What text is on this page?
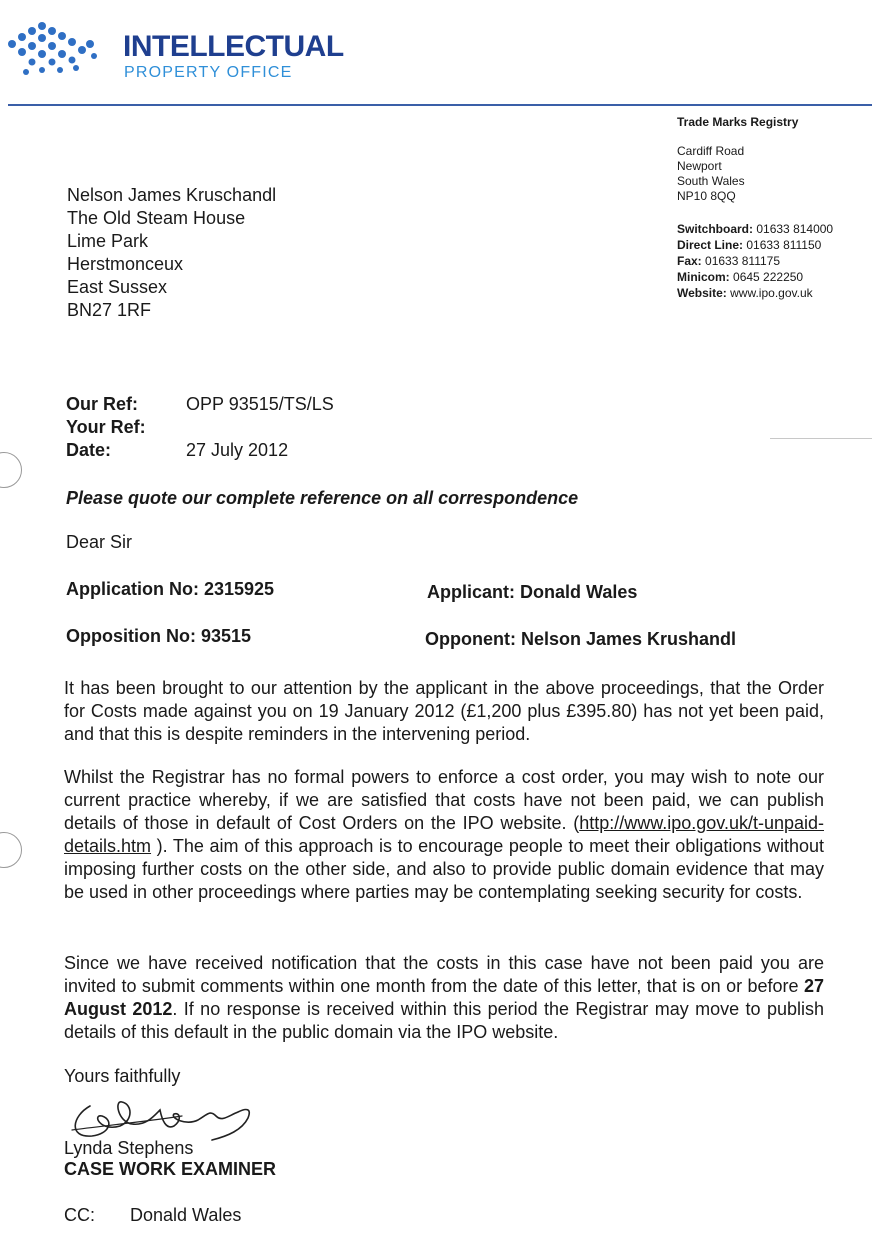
INTELLECTUAL
PROPERTY OFFICE
Trade Marks Registry
Cardiff Road
Newport
South Wales
NP10 8QQ
Switchboard: 01633 814000
Direct Line: 01633 811150
Fax: 01633 811175
Minicom: 0645 222250
Website: www.ipo.gov.uk
Nelson James Kruschandl
The Old Steam House
Lime Park
Herstmonceux
East Sussex
BN27 1RF
Our Ref:	OPP 93515/TS/LS
Your Ref:
Date:	27 July 2012
Please quote our complete reference on all correspondence
Dear Sir
Application No: 2315925	Applicant: Donald Wales
Opposition No: 93515	Opponent: Nelson James Krushandl
It has been brought to our attention by the applicant in the above proceedings, that the Order for Costs made against you on 19 January 2012 (£1,200 plus £395.80) has not yet been paid, and that this is despite reminders in the intervening period.
Whilst the Registrar has no formal powers to enforce a cost order, you may wish to note our current practice whereby, if we are satisfied that costs have not been paid, we can publish details of those in default of Cost Orders on the IPO website. (http://www.ipo.gov.uk/t-unpaid-details.htm ). The aim of this approach is to encourage people to meet their obligations without imposing further costs on the other side, and also to provide public domain evidence that may be used in other proceedings where parties may be contemplating seeking security for costs.
Since we have received notification that the costs in this case have not been paid you are invited to submit comments within one month from the date of this letter, that is on or before 27 August 2012. If no response is received within this period the Registrar may move to publish details of this default in the public domain via the IPO website.
Yours faithfully
Lynda Stephens
CASE WORK EXAMINER
CC:	Donald Wales
